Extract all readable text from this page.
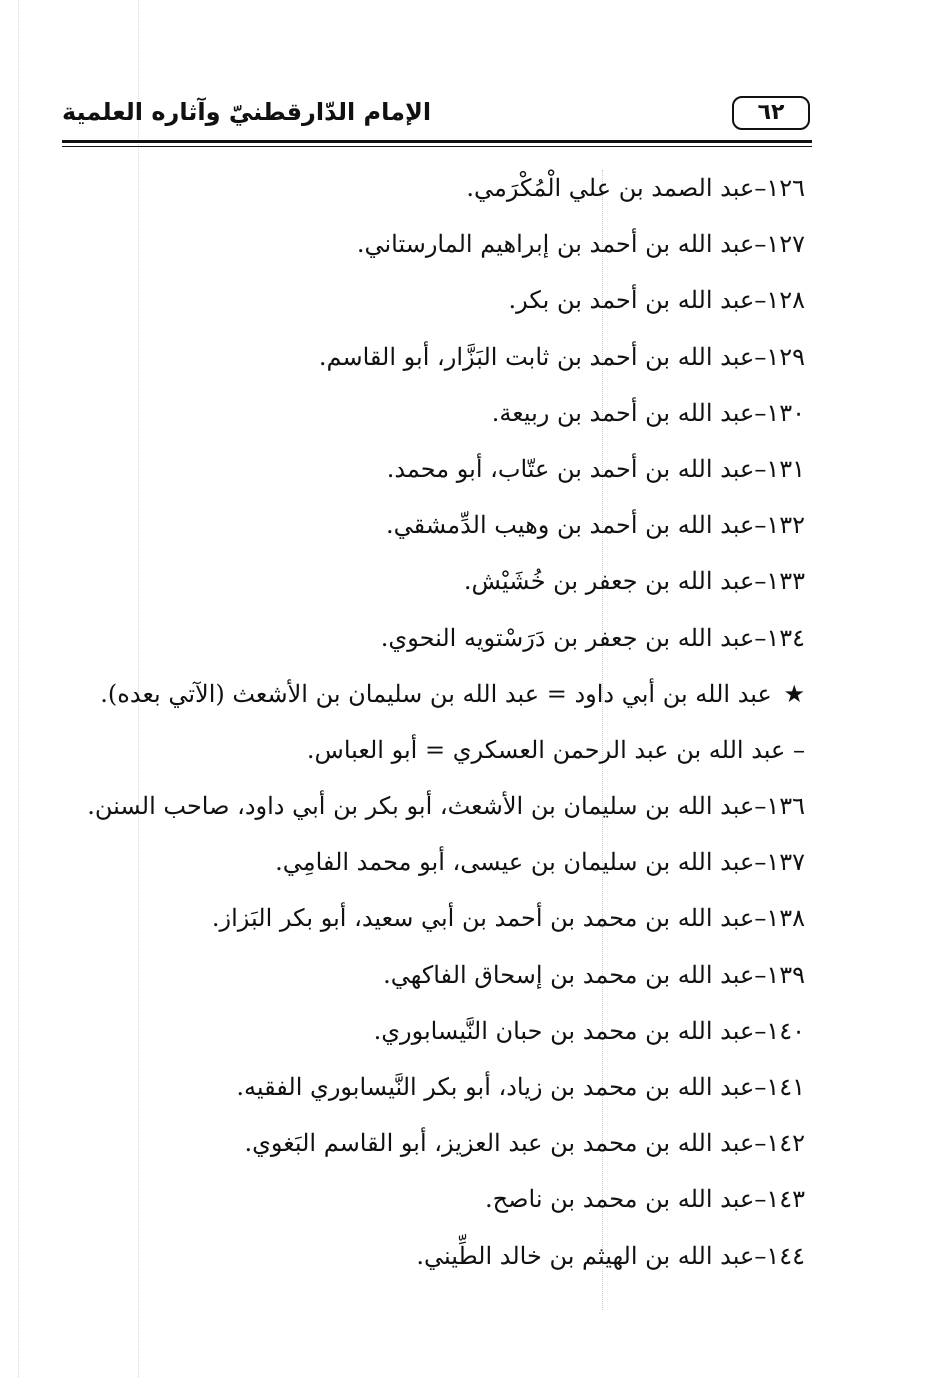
الإمام الدّارقطنيّ وآثاره العلمية	٦٢
١٢٦–عبد الصمد بن علي الْمُكْرَمي.
١٢٧–عبد الله بن أحمد بن إبراهيم المارستاني.
١٢٨–عبد الله بن أحمد بن بكر.
١٢٩–عبد الله بن أحمد بن ثابت البَزَّار، أبو القاسم.
١٣٠–عبد الله بن أحمد بن ربيعة.
١٣١–عبد الله بن أحمد بن عتّاب، أبو محمد.
١٣٢–عبد الله بن أحمد بن وهيب الدِّمشقي.
١٣٣–عبد الله بن جعفر بن خُشَيْش.
١٣٤–عبد الله بن جعفر بن دَرَسْتويه النحوي.
★ عبد الله بن أبي داود = عبد الله بن سليمان بن الأشعث (الآتي بعده).
– عبد الله بن عبد الرحمن العسكري = أبو العباس.
١٣٦–عبد الله بن سليمان بن الأشعث، أبو بكر بن أبي داود، صاحب السنن.
١٣٧–عبد الله بن سليمان بن عيسى، أبو محمد الفامِي.
١٣٨–عبد الله بن محمد بن أحمد بن أبي سعيد، أبو بكر البَزاز.
١٣٩–عبد الله بن محمد بن إسحاق الفاكهي.
١٤٠–عبد الله بن محمد بن حبان النَّيسابوري.
١٤١–عبد الله بن محمد بن زياد، أبو بكر النَّيسابوري الفقيه.
١٤٢–عبد الله بن محمد بن عبد العزيز، أبو القاسم البَغوي.
١٤٣–عبد الله بن محمد بن ناصح.
١٤٤–عبد الله بن الهيثم بن خالد الطِّيني.
